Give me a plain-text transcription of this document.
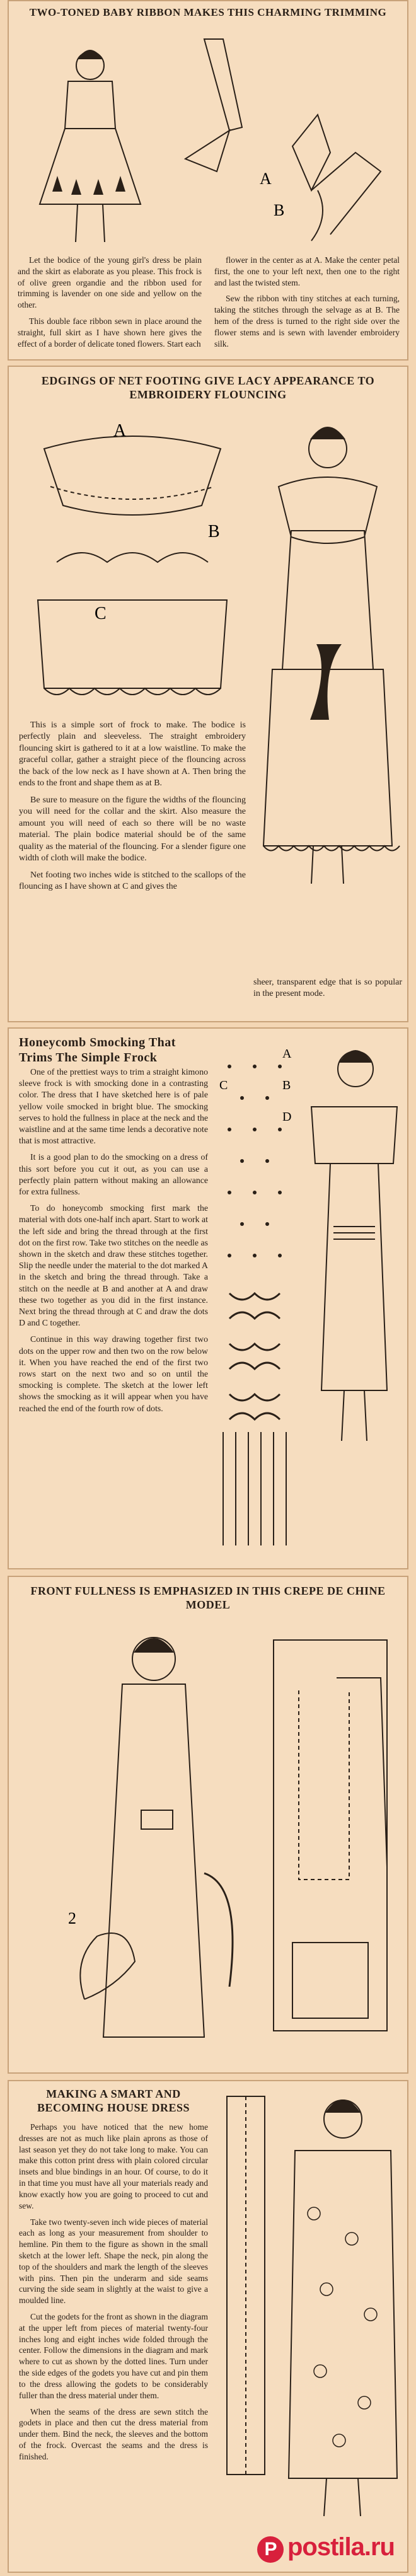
TWO-TONED BABY RIBBON MAKES THIS CHARMING TRIMMING
A
B

Let the bodice of the young girl's dress be plain and the skirt as elaborate as you please. This frock is of olive green organdie and the ribbon used for trimming is lavender on one side and yellow on the other.

This double face ribbon sewn in place around the straight, full skirt as I have shown here gives the effect of a border of delicate toned flowers. Start each

flower in the center as at A. Make the center petal first, the one to your left next, then one to the right and last the twisted stem.

Sew the ribbon with tiny stitches at each turning, taking the stitches through the selvage as at B. The hem of the dress is turned to the right side over the flower stems and is sewn with lavender embroidery silk.

EDGINGS OF NET FOOTING GIVE LACY APPEARANCE TO EMBROIDERY FLOUNCING
A
B
C

This is a simple sort of frock to make. The bodice is perfectly plain and sleeveless. The straight embroidery flouncing skirt is gathered to it at a low waistline. To make the graceful collar, gather a straight piece of the flouncing across the back of the low neck as I have shown at A. Then bring the ends to the front and shape them as at B.

Be sure to measure on the figure the widths of the flouncing you will need for the collar and the skirt. Also measure the amount you will need of each so there will be no waste material. The plain bodice material should be of the same quality as the material of the flouncing. For a slender figure one width of cloth will make the bodice.

Net footing two inches wide is stitched to the scallops of the flouncing as I have shown at C and gives the

sheer, transparent edge that is so popular in the present mode.

Honeycomb Smocking That Trims The Simple Frock

One of the prettiest ways to trim a straight kimono sleeve frock is with smocking done in a contrasting color. The dress that I have sketched here is of pale yellow voile smocked in bright blue. The smocking serves to hold the fullness in place at the neck and the waistline and at the same time lends a decorative note that is most attractive.

It is a good plan to do the smocking on a dress of this sort before you cut it out, as you can use a perfectly plain pattern without making an allowance for extra fullness.

To do honeycomb smocking first mark the material with dots one-half inch apart. Start to work at the left side and bring the thread through at the first dot on the first row. Take two stitches on the needle as shown in the sketch and draw these stitches together. Slip the needle under the material to the dot marked A in the sketch and bring the thread through. Take a stitch on the needle at B and another at A and draw these two together as you did in the first instance. Next bring the thread through at C and draw the dots D and C together.

Continue in this way drawing together first two dots on the upper row and then two on the row below it. When you have reached the end of the first two rows start on the next two and so on until the smocking is complete. The sketch at the lower left shows the smocking as it will appear when you have reached the end of the fourth row of dots.

A
B
C
D
FRONT FULLNESS IS EMPHASIZED IN THIS CREPE DE CHINE MODEL
2
MAKING A SMART AND BECOMING HOUSE DRESS

Perhaps you have noticed that the new home dresses are not as much like plain aprons as those of last season yet they do not take long to make. You can make this cotton print dress with plain colored circular insets and blue bindings in an hour. Of course, to do it in that time you must have all your materials ready and know exactly how you are going to proceed to cut and sew.

Take two twenty-seven inch wide pieces of material each as long as your measurement from shoulder to hemline. Pin them to the figure as shown in the small sketch at the lower left. Shape the neck, pin along the top of the shoulders and mark the length of the sleeves with pins. Then pin the underarm and side seams curving the side seam in slightly at the waist to give a moulded line.

Cut the godets for the front as shown in the diagram at the upper left from pieces of material twenty-four inches long and eight inches wide folded through the center. Follow the dimensions in the diagram and mark where to cut as shown by the dotted lines. Turn under the side edges of the godets you have cut and pin them to the dress allowing the godets to be considerably fuller than the dress material under them.

When the seams of the dress are sewn stitch the godets in place and then cut the dress material from under them. Bind the neck, the sleeves and the bottom of the frock. Overcast the seams and the dress is finished.

P postila.ru
